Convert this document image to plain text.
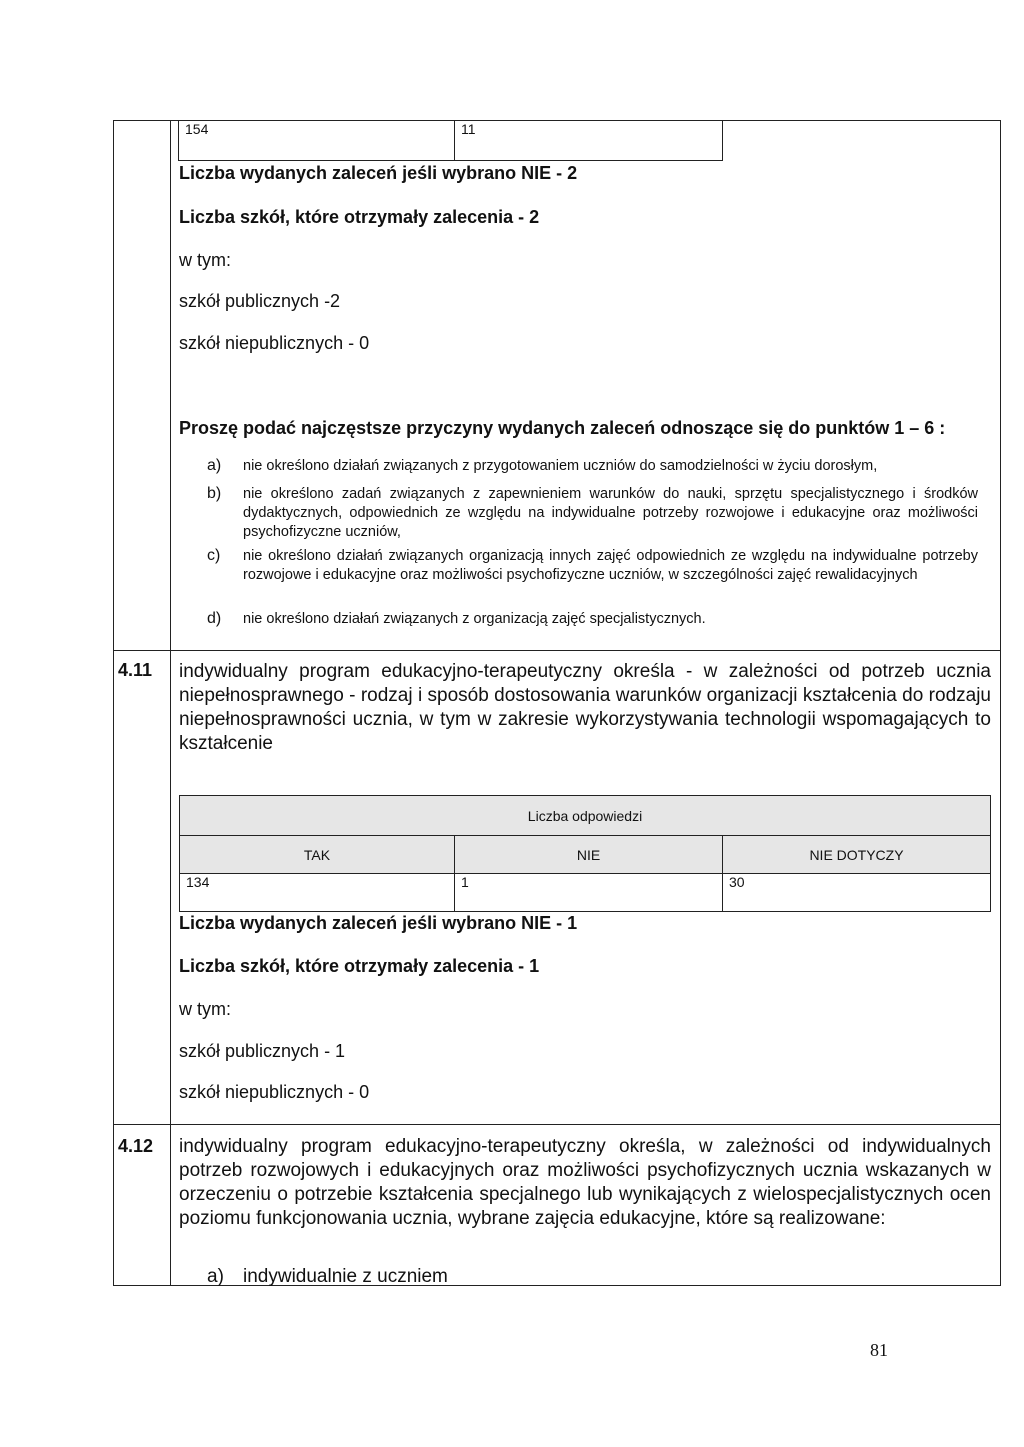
154	11
Liczba wydanych zaleceń jeśli wybrano NIE - 2
Liczba szkół, które otrzymały zalecenia - 2
w tym:
szkół publicznych -2
szkół niepublicznych - 0
Proszę podać najczęstsze przyczyny wydanych zaleceń odnoszące się do punktów 1 – 6 :
a) nie określono działań związanych z przygotowaniem uczniów do samodzielności w życiu dorosłym,
b) nie określono zadań związanych z zapewnieniem warunków do nauki, sprzętu specjalistycznego i środków dydaktycznych, odpowiednich ze względu na indywidualne potrzeby rozwojowe i edukacyjne oraz możliwości psychofizyczne uczniów,
c) nie określono działań związanych organizacją innych zajęć odpowiednich ze względu na indywidualne potrzeby rozwojowe i edukacyjne oraz możliwości psychofizyczne uczniów, w szczególności zajęć rewalidacyjnych
d) nie określono działań związanych z organizacją zajęć specjalistycznych.
4.11 indywidualny program edukacyjno-terapeutyczny określa - w zależności od potrzeb ucznia niepełnosprawnego - rodzaj i sposób dostosowania warunków organizacji kształcenia do rodzaju niepełnosprawności ucznia, w tym w zakresie wykorzystywania technologii wspomagających to kształcenie
Liczba odpowiedzi		
TAK	NIE	NIE DOTYCZY
134	1	30
Liczba wydanych zaleceń jeśli wybrano NIE - 1
Liczba szkół, które otrzymały zalecenia - 1
w tym:
szkół publicznych - 1
szkół niepublicznych - 0
4.12 indywidualny program edukacyjno-terapeutyczny określa, w zależności od indywidualnych potrzeb rozwojowych i edukacyjnych oraz możliwości psychofizycznych ucznia wskazanych w orzeczeniu o potrzebie kształcenia specjalnego lub wynikających z wielospecjalistycznych ocen poziomu funkcjonowania ucznia, wybrane zajęcia edukacyjne, które są realizowane:
a) indywidualnie z uczniem
81
